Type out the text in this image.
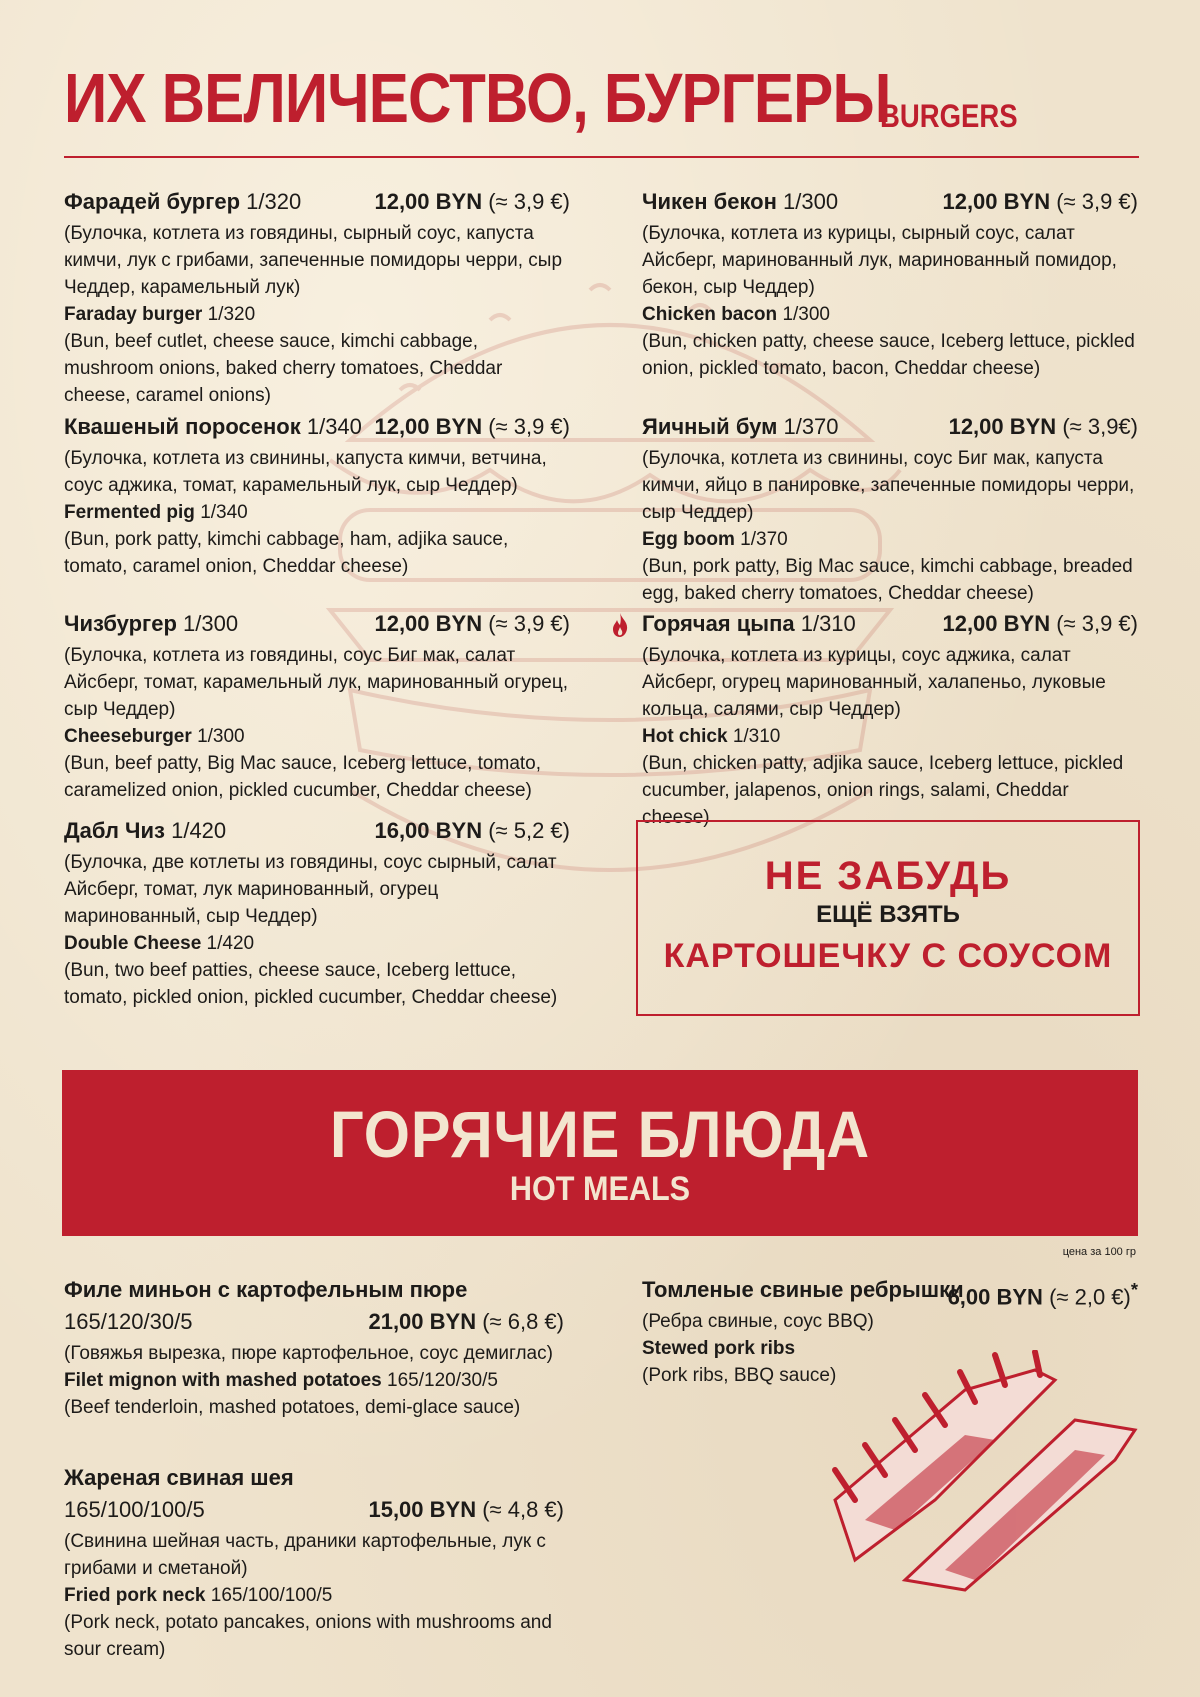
ИХ ВЕЛИЧЕСТВО, БУРГЕРЫ
BURGERS
Фарадей бургер 1/320	12,00 BYN (≈ 3,9 €)
(Булочка, котлета из говядины, сырный соус, капуста кимчи, лук с грибами, запеченные помидоры черри, сыр Чеддер, карамельный лук)
Faraday burger 1/320
(Bun, beef cutlet, cheese sauce, kimchi cabbage, mushroom onions, baked cherry tomatoes, Cheddar cheese, caramel onions)
Квашеный поросенок 1/340 12,00 BYN (≈ 3,9 €)
(Булочка, котлета из свинины, капуста кимчи, ветчина, соус аджика, томат, карамельный лук, сыр Чеддер)
Fermented pig 1/340
(Bun, pork patty, kimchi cabbage, ham, adjika sauce, tomato, caramel onion, Cheddar cheese)
Чизбургер 1/300	12,00 BYN (≈ 3,9 €)
(Булочка, котлета из говядины, соус Биг мак, салат Айсберг, томат, карамельный лук, маринованный огурец, сыр Чеддер)
Cheeseburger 1/300
(Bun, beef patty, Big Mac sauce, Iceberg lettuce, tomato, caramelized onion, pickled cucumber, Cheddar cheese)
Дабл Чиз 1/420	16,00 BYN (≈ 5,2 €)
(Булочка, две котлеты из говядины, соус сырный, салат Айсберг, томат, лук маринованный, огурец маринованный, сыр Чеддер)
Double Cheese 1/420
(Bun, two beef patties, cheese sauce, Iceberg lettuce, tomato, pickled onion, pickled cucumber, Cheddar cheese)
Чикен бекон 1/300	12,00 BYN (≈ 3,9 €)
(Булочка, котлета из курицы, сырный соус, салат Айсберг, маринованный лук, маринованный помидор, бекон, сыр Чеддер)
Chicken bacon 1/300
(Bun, chicken patty, cheese sauce, Iceberg lettuce, pickled onion, pickled tomato, bacon, Cheddar cheese)
Яичный бум 1/370	12,00 BYN (≈ 3,9€)
(Булочка, котлета из свинины, соус Биг мак, капуста кимчи, яйцо в панировке, запеченные помидоры черри, сыр Чеддер)
Egg boom 1/370
(Bun, pork patty, Big Mac sauce, kimchi cabbage, breaded egg, baked cherry tomatoes, Cheddar cheese)
Горячая цыпа 1/310	12,00 BYN (≈ 3,9 €)
(Булочка, котлета из курицы, соус аджика, салат Айсберг, огурец маринованный, халапеньо, луковые кольца, салями, сыр Чеддер)
Hot chick 1/310
(Bun, chicken patty, adjika sauce, Iceberg lettuce, pickled cucumber, jalapenos, onion rings, salami, Cheddar cheese)
НЕ ЗАБУДЬ
ЕЩЁ ВЗЯТЬ
КАРТОШЕЧКУ С СОУСОМ
ГОРЯЧИЕ БЛЮДА
HOT MEALS
цена за 100 гр
Филе миньон с картофельным пюре
165/120/30/5	21,00 BYN (≈ 6,8 €)
(Говяжья вырезка, пюре картофельное, соус демиглас)
Filet mignon with mashed potatoes 165/120/30/5
(Beef tenderloin, mashed potatoes, demi-glace sauce)
Жареная свиная шея
165/100/100/5	15,00 BYN (≈ 4,8 €)
(Свинина шейная часть, драники картофельные, лук с грибами и сметаной)
Fried pork neck 165/100/100/5
(Pork neck, potato pancakes, onions with mushrooms and sour cream)
Томленые свиные ребрышки
6,00 BYN (≈ 2,0 €)*
(Ребра свиные, соус BBQ)
Stewed pork ribs
(Pork ribs, BBQ sauce)
